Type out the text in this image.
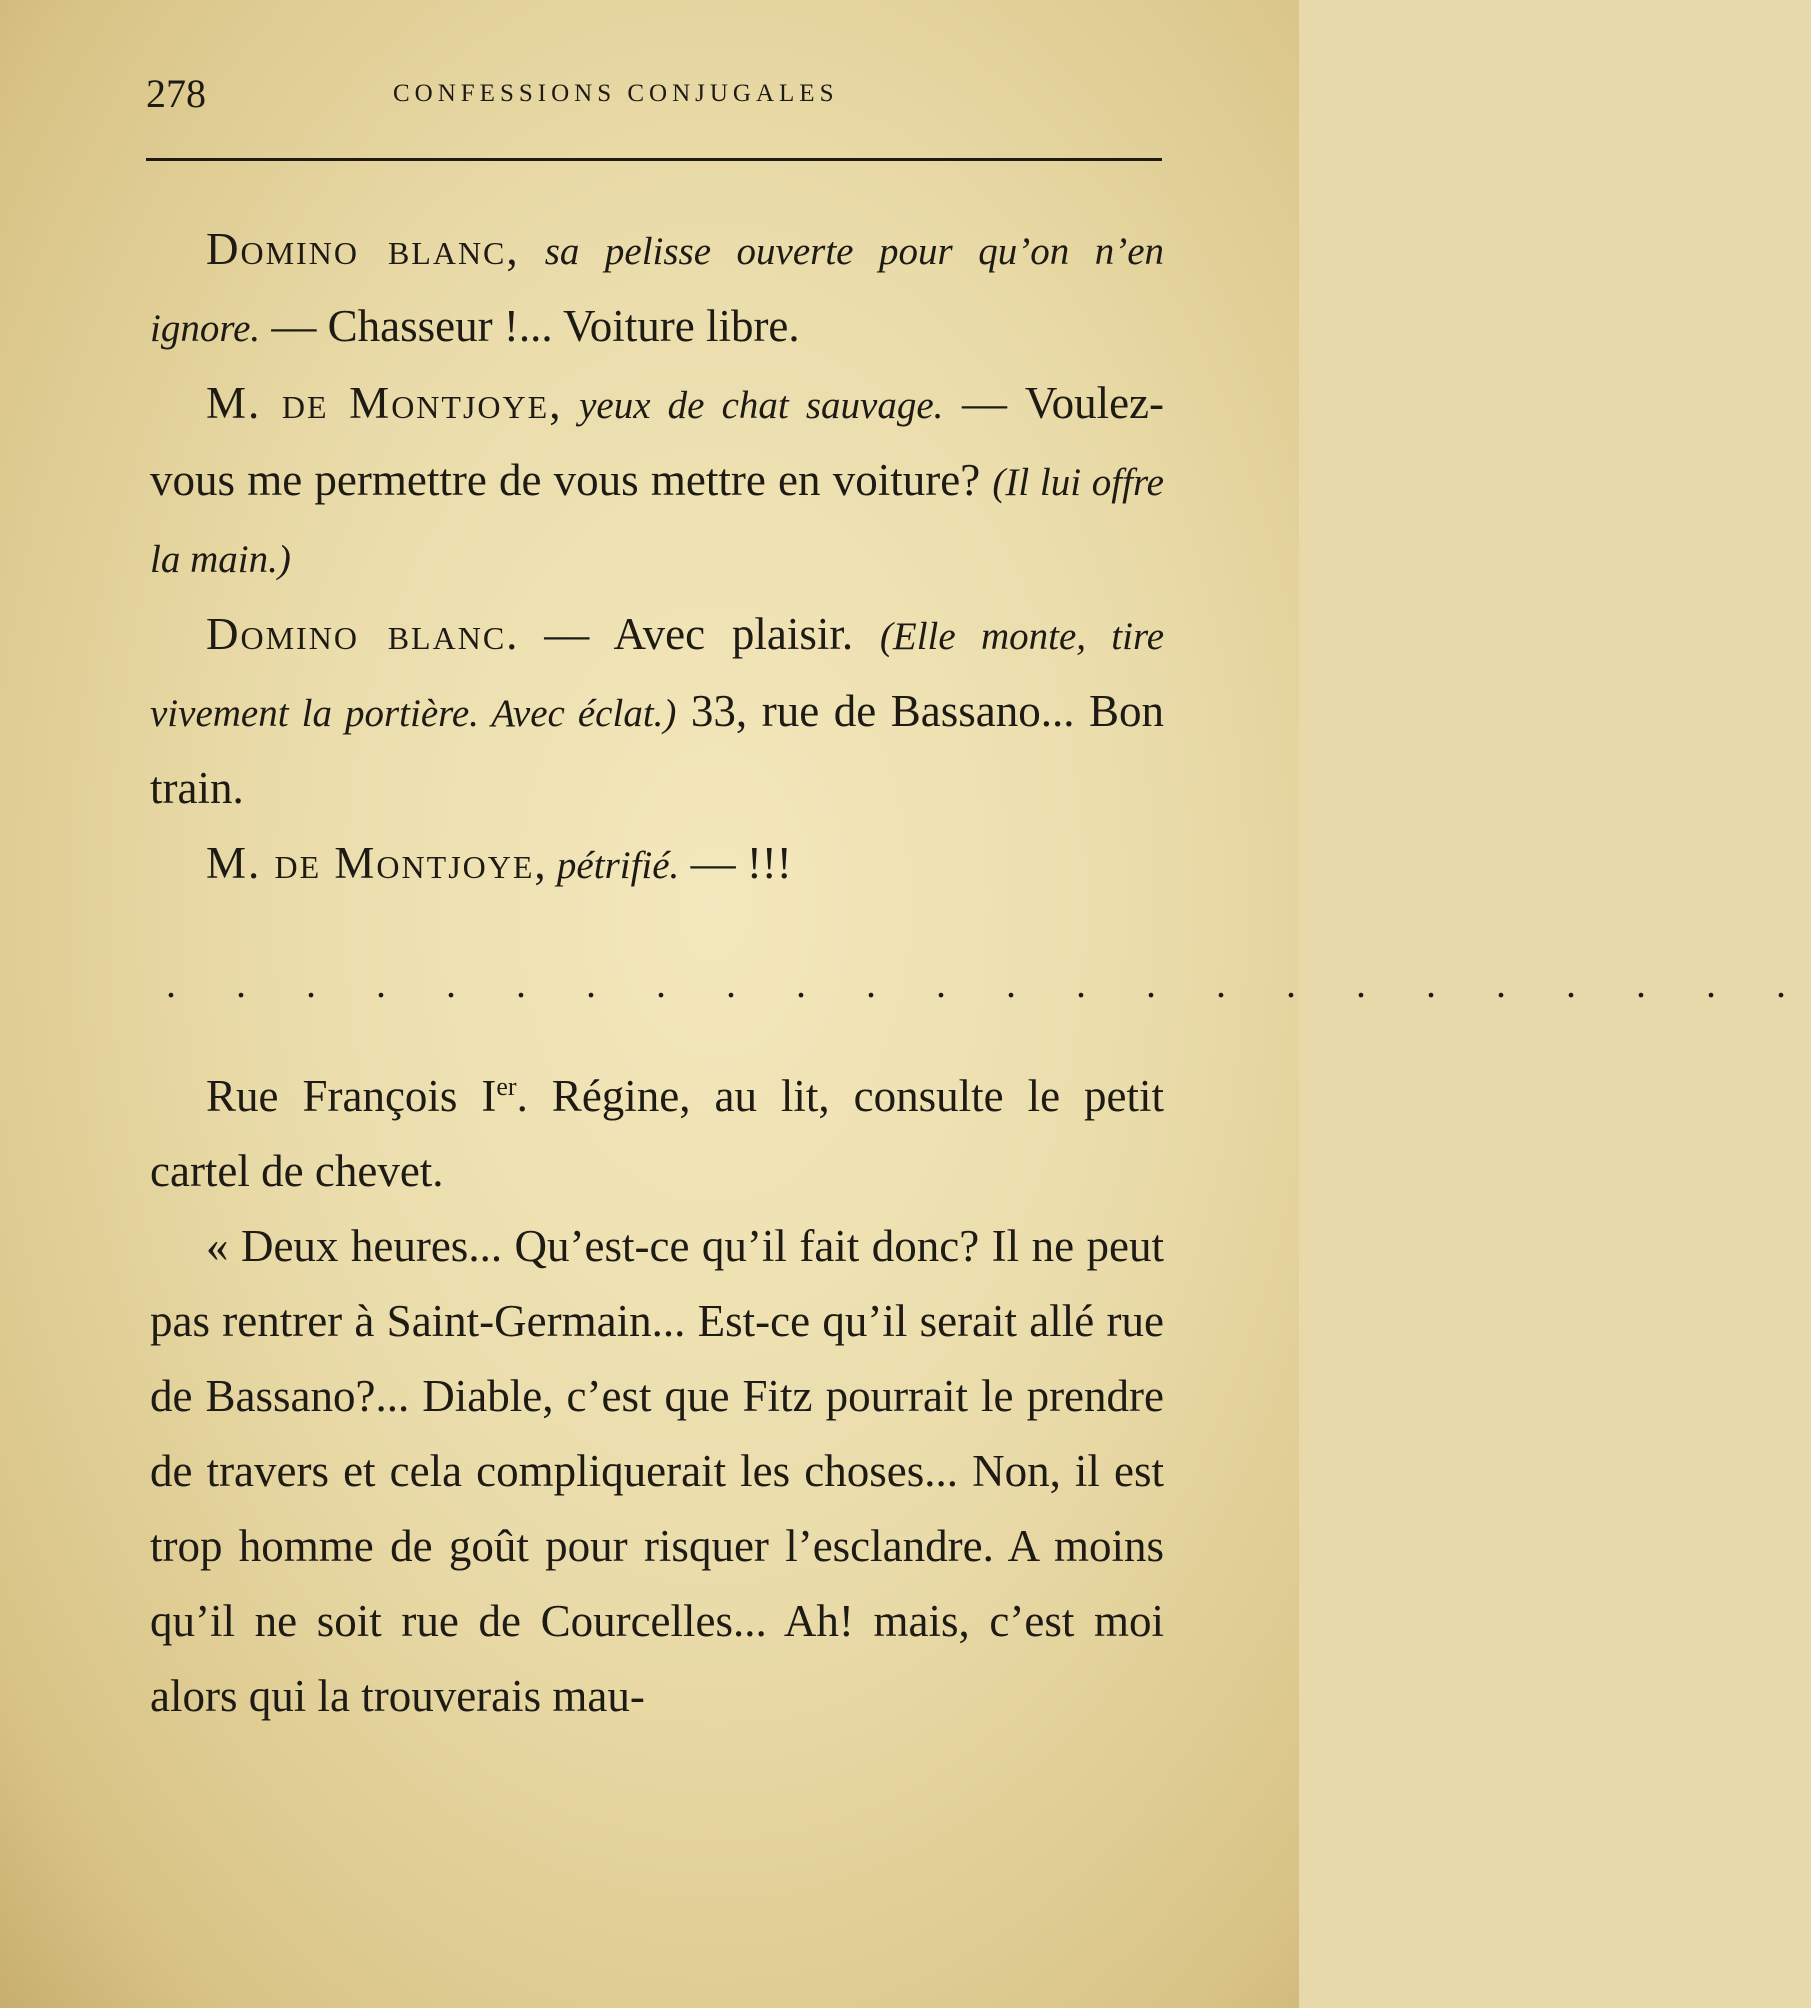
278	CONFESSIONS CONJUGALES

Domino blanc, sa pelisse ouverte pour qu’on n’en ignore. — Chasseur !... Voiture libre.

M. de Montjoye, yeux de chat sauvage. — Voulez-vous me permettre de vous mettre en voiture? (Il lui offre la main.)

Domino blanc. — Avec plaisir. (Elle monte, tire vivement la portière. Avec éclat.) 33, rue de Bassano... Bon train.

M. de Montjoye, pétrifié. — !!!

. . . . . . . . . . . . . . . . . . . . . . . .

Rue François Ier. Régine, au lit, consulte le petit cartel de chevet.

« Deux heures... Qu’est-ce qu’il fait donc? Il ne peut pas rentrer à Saint-Germain... Est-ce qu’il serait allé rue de Bassano?... Diable, c’est que Fitz pourrait le prendre de travers et cela compliquerait les choses... Non, il est trop homme de goût pour risquer l’esclandre. A moins qu’il ne soit rue de Courcelles... Ah! mais, c’est moi alors qui la trouverais mau-
